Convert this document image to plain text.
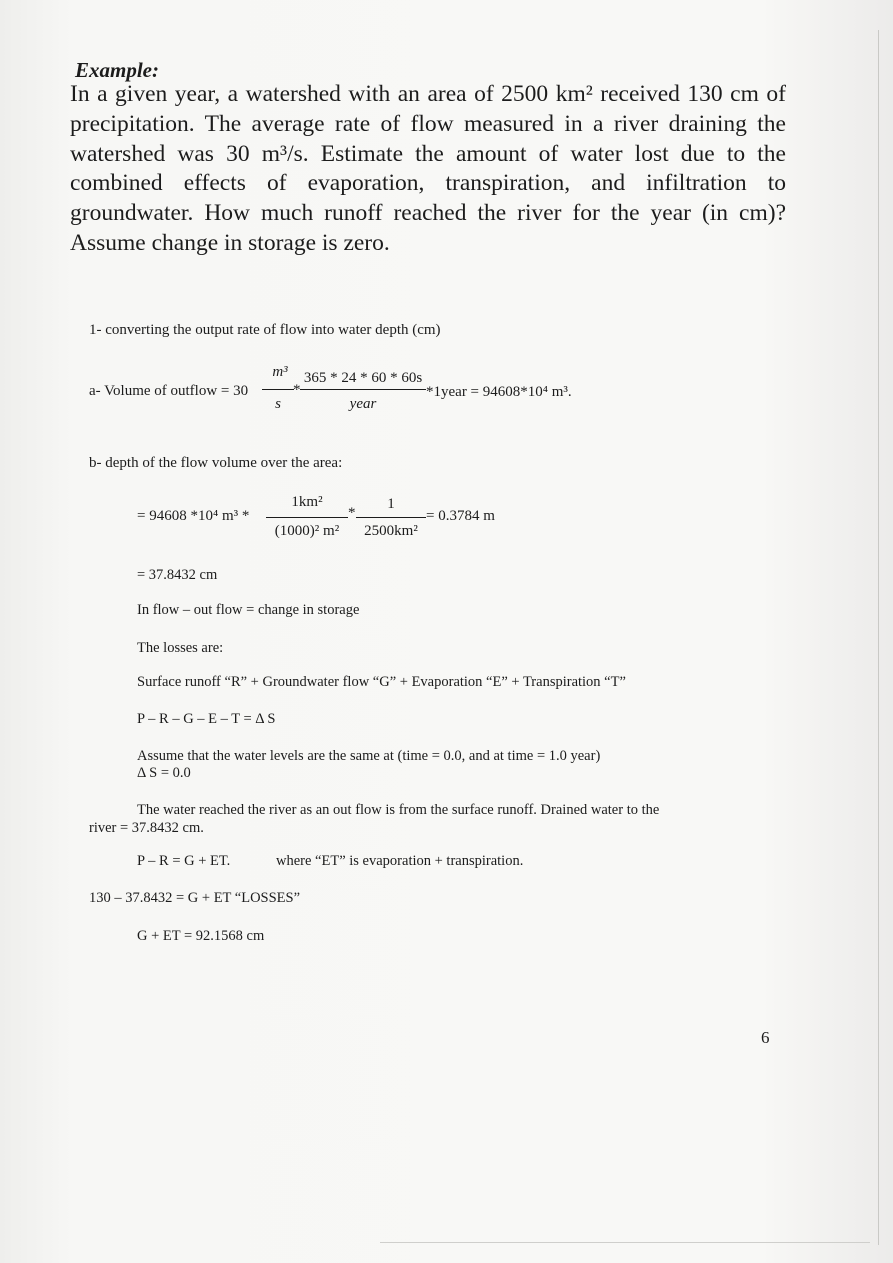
Example:
In a given year, a watershed with an area of 2500 km² received 130 cm of precipitation. The average rate of flow measured in a river draining the watershed was 30 m³/s. Estimate the amount of water lost due to the combined effects of evaporation, transpiration, and infiltration to groundwater. How much runoff reached the river for the year (in cm)? Assume change in storage is zero.
1- converting the output rate of flow into water depth (cm)
a- Volume of outflow = 30
m³
s
*
365 * 24 * 60 * 60s
year
*1year = 94608*10⁴ m³.
b- depth of the flow volume over the area:
= 94608 *10⁴ m³ *
1km²
(1000)² m²
*
1
2500km²
= 0.3784 m
= 37.8432 cm
In flow – out flow = change in storage
The losses are:
Surface runoff “R” + Groundwater flow “G” + Evaporation “E” + Transpiration “T”
P – R – G – E – T = Δ S
Assume that the water levels are the same at (time = 0.0, and at time = 1.0 year)
Δ S = 0.0
The water reached the river as an out flow is from the surface runoff. Drained water to the
river = 37.8432 cm.
P – R = G + ET.	where “ET” is evaporation + transpiration.
130 – 37.8432 = G + ET “LOSSES”
G + ET = 92.1568 cm
6
